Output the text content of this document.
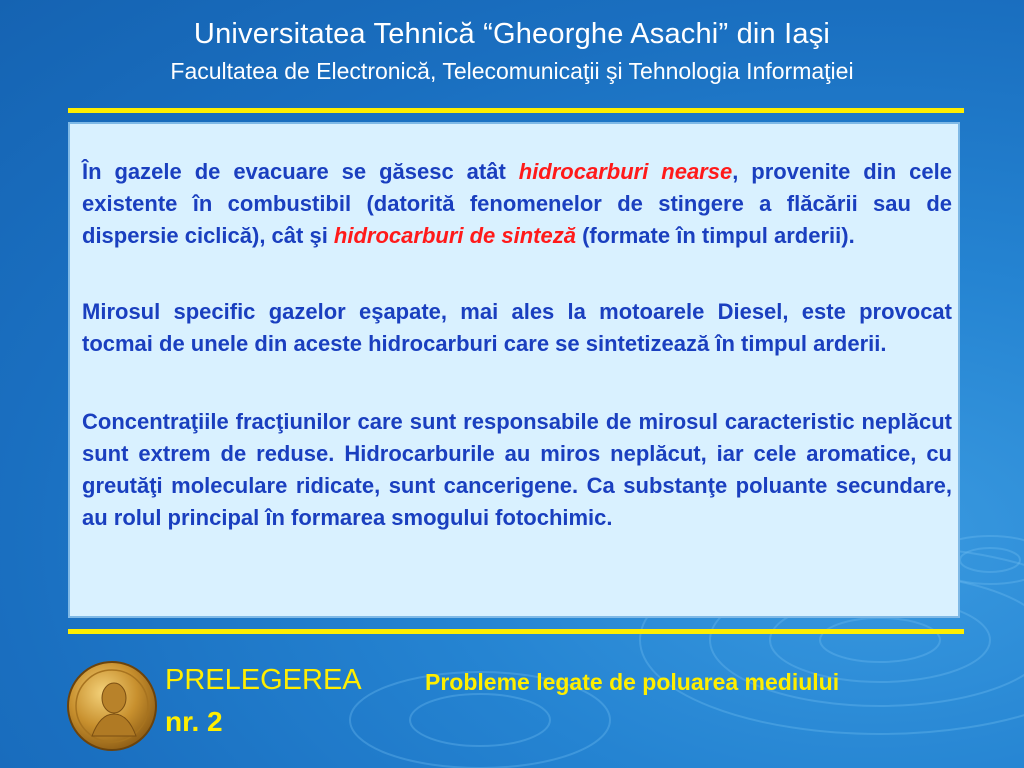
Universitatea Tehnică “Gheorghe Asachi” din Iaşi
Facultatea de Electronică, Telecomunicaţii şi Tehnologia Informaţiei

În gazele de evacuare se găsesc atât hidrocarburi nearse, provenite din cele existente în combustibil (datorită fenomenelor de stingere a flăcării sau de dispersie ciclică), cât şi hidrocarburi de sinteză (formate în timpul arderii).

Mirosul specific gazelor eşapate, mai ales la motoarele Diesel, este provocat tocmai de unele din aceste hidrocarburi care se sintetizează în timpul arderii.

Concentraţiile fracţiunilor care sunt responsabile de mirosul caracteristic neplăcut sunt extrem de reduse. Hidrocarburile au miros neplăcut, iar cele aromatice, cu greutăţi moleculare ridicate, sunt cancerigene. Ca substanţe poluante secundare, au rolul principal în formarea smogului fotochimic.

PRELEGEREA
nr. 2
Probleme legate de poluarea mediului
